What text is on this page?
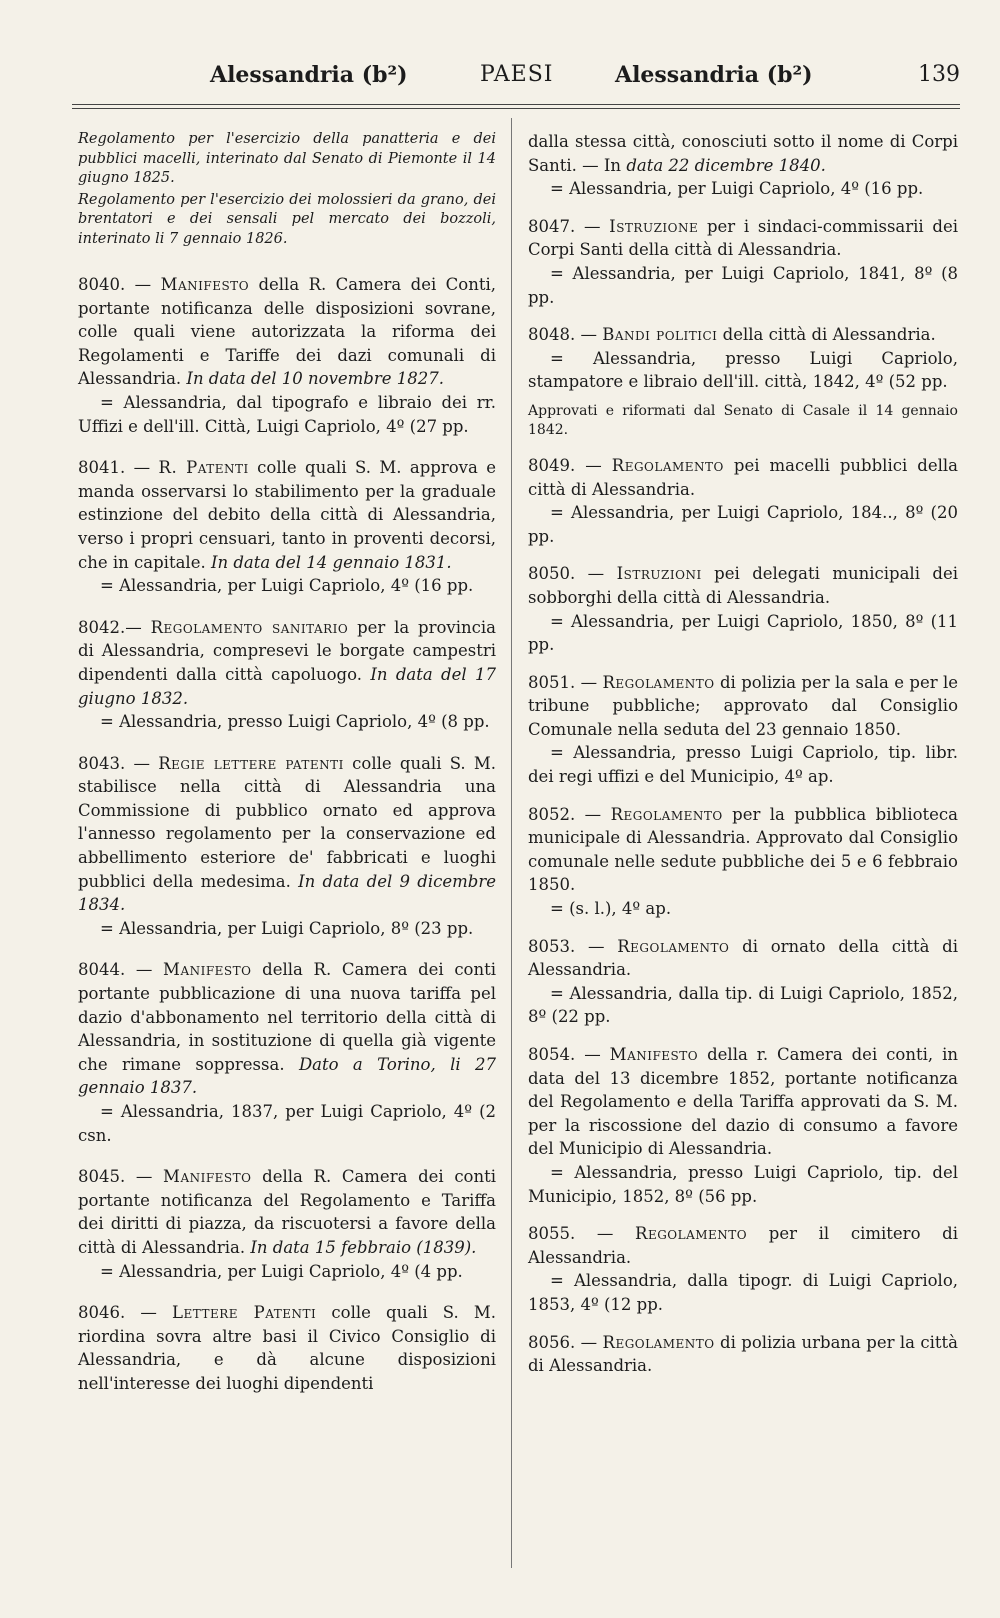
Alessandria (b²)	PAESI	Alessandria (b²)	139

Regolamento per l'esercizio della panatteria e dei pubblici macelli, interinato dal Senato di Piemonte il 14 giugno 1825.

Regolamento per l'esercizio dei molossieri da grano, dei brentatori e dei sensali pel mercato dei bozzoli, interinato li 7 gennaio 1826.

8040. — Manifesto della R. Camera dei Conti, portante notificanza delle disposizioni sovrane, colle quali viene autorizzata la riforma dei Regolamenti e Tariffe dei dazi comunali di Alessandria. In data del 10 novembre 1827.

= Alessandria, dal tipografo e libraio dei rr. Uffizi e dell'ill. Città, Luigi Capriolo, 4º (27 pp.

8041. — R. Patenti colle quali S. M. approva e manda osservarsi lo stabilimento per la graduale estinzione del debito della città di Alessandria, verso i propri censuari, tanto in proventi decorsi, che in capitale. In data del 14 gennaio 1831.

= Alessandria, per Luigi Capriolo, 4º (16 pp.

8042.— Regolamento sanitario per la provincia di Alessandria, compresevi le borgate campestri dipendenti dalla città capoluogo. In data del 17 giugno 1832.

= Alessandria, presso Luigi Capriolo, 4º (8 pp.

8043. — Regie lettere patenti colle quali S. M. stabilisce nella città di Alessandria una Commissione di pubblico ornato ed approva l'annesso regolamento per la conservazione ed abbellimento esteriore de' fabbricati e luoghi pubblici della medesima. In data del 9 dicembre 1834.

= Alessandria, per Luigi Capriolo, 8º (23 pp.

8044. — Manifesto della R. Camera dei conti portante pubblicazione di una nuova tariffa pel dazio d'abbonamento nel territorio della città di Alessandria, in sostituzione di quella già vigente che rimane soppressa. Dato a Torino, li 27 gennaio 1837.

= Alessandria, 1837, per Luigi Capriolo, 4º (2 csn.

8045. — Manifesto della R. Camera dei conti portante notificanza del Regolamento e Tariffa dei diritti di piazza, da riscuotersi a favore della città di Alessandria. In data 15 febbraio (1839).

= Alessandria, per Luigi Capriolo, 4º (4 pp.

8046. — Lettere Patenti colle quali S. M. riordina sovra altre basi il Civico Consiglio di Alessandria, e dà alcune disposizioni nell'interesse dei luoghi dipendenti

dalla stessa città, conosciuti sotto il nome di Corpi Santi. — In data 22 dicembre 1840.

= Alessandria, per Luigi Capriolo, 4º (16 pp.

8047. — Istruzione per i sindaci-commissarii dei Corpi Santi della città di Alessandria.

= Alessandria, per Luigi Capriolo, 1841, 8º (8 pp.

8048. — Bandi politici della città di Alessandria.

= Alessandria, presso Luigi Capriolo, stampatore e libraio dell'ill. città, 1842, 4º (52 pp.

Approvati e riformati dal Senato di Casale il 14 gennaio 1842.

8049. — Regolamento pei macelli pubblici della città di Alessandria.

= Alessandria, per Luigi Capriolo, 184.., 8º (20 pp.

8050. — Istruzioni pei delegati municipali dei sobborghi della città di Alessandria.

= Alessandria, per Luigi Capriolo, 1850, 8º (11 pp.

8051. — Regolamento di polizia per la sala e per le tribune pubbliche; approvato dal Consiglio Comunale nella seduta del 23 gennaio 1850.

= Alessandria, presso Luigi Capriolo, tip. libr. dei regi uffizi e del Municipio, 4º ap.

8052. — Regolamento per la pubblica biblioteca municipale di Alessandria. Approvato dal Consiglio comunale nelle sedute pubbliche dei 5 e 6 febbraio 1850.

= (s. l.), 4º ap.

8053. — Regolamento di ornato della città di Alessandria.

= Alessandria, dalla tip. di Luigi Capriolo, 1852, 8º (22 pp.

8054. — Manifesto della r. Camera dei conti, in data del 13 dicembre 1852, portante notificanza del Regolamento e della Tariffa approvati da S. M. per la riscossione del dazio di consumo a favore del Municipio di Alessandria.

= Alessandria, presso Luigi Capriolo, tip. del Municipio, 1852, 8º (56 pp.

8055. — Regolamento per il cimitero di Alessandria.

= Alessandria, dalla tipogr. di Luigi Capriolo, 1853, 4º (12 pp.

8056. — Regolamento di polizia urbana per la città di Alessandria.
